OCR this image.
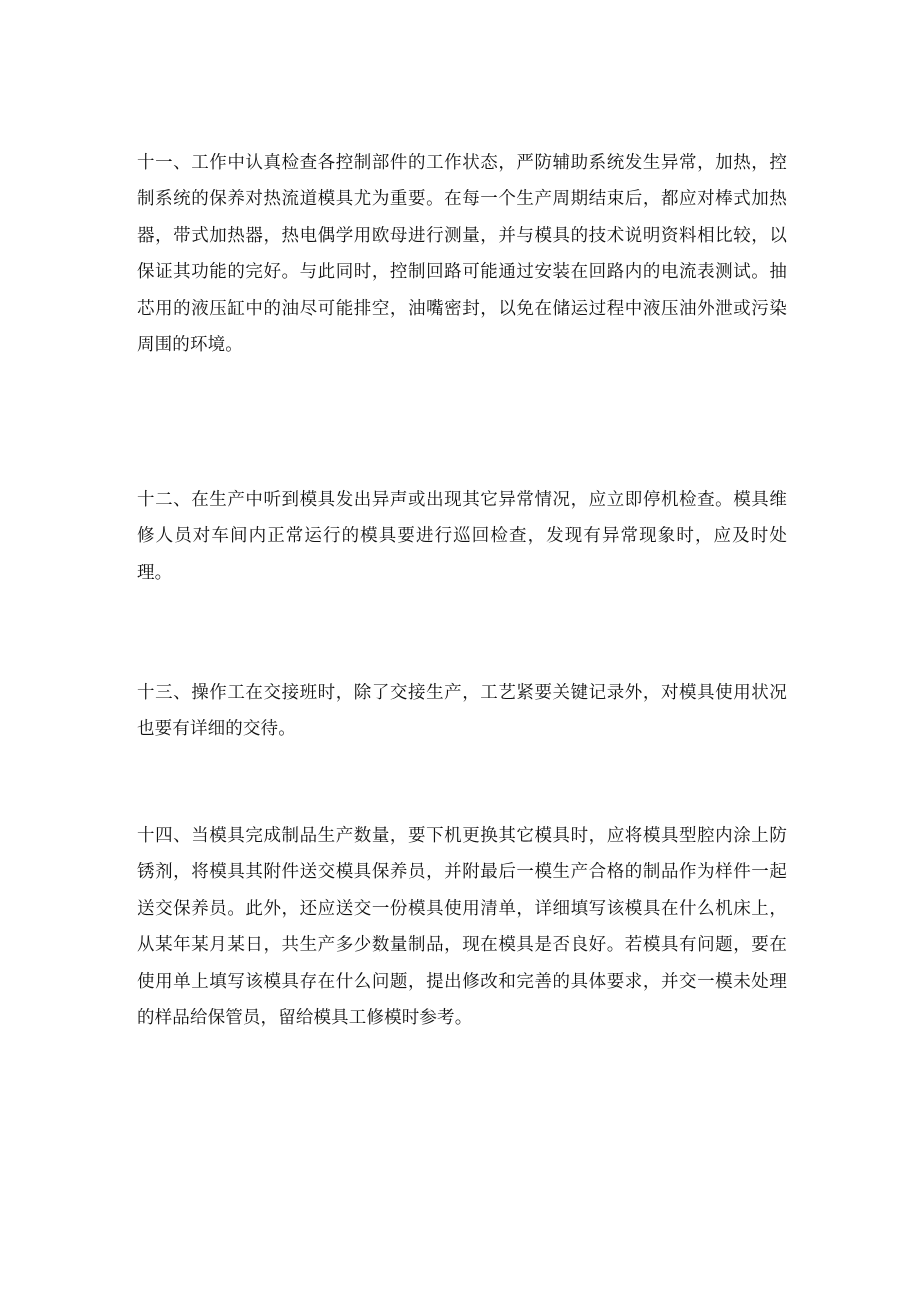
十一、工作中认真检查各控制部件的工作状态，严防辅助系统发生异常，加热，控制系统的保养对热流道模具尤为重要。在每一个生产周期结束后，都应对棒式加热器，带式加热器，热电偶学用欧母进行测量，并与模具的技术说明资料相比较，以保证其功能的完好。与此同时，控制回路可能通过安装在回路内的电流表测试。抽芯用的液压缸中的油尽可能排空，油嘴密封，以免在储运过程中液压油外泄或污染周围的环境。

十二、在生产中听到模具发出异声或出现其它异常情况，应立即停机检查。模具维修人员对车间内正常运行的模具要进行巡回检查，发现有异常现象时，应及时处理。

十三、操作工在交接班时，除了交接生产，工艺紧要关键记录外，对模具使用状况也要有详细的交待。

十四、当模具完成制品生产数量，要下机更换其它模具时，应将模具型腔内涂上防锈剂，将模具其附件送交模具保养员，并附最后一模生产合格的制品作为样件一起送交保养员。此外，还应送交一份模具使用清单，详细填写该模具在什么机床上，从某年某月某日，共生产多少数量制品，现在模具是否良好。若模具有问题，要在使用单上填写该模具存在什么问题，提出修改和完善的具体要求，并交一模未处理的样品给保管员，留给模具工修模时参考。
